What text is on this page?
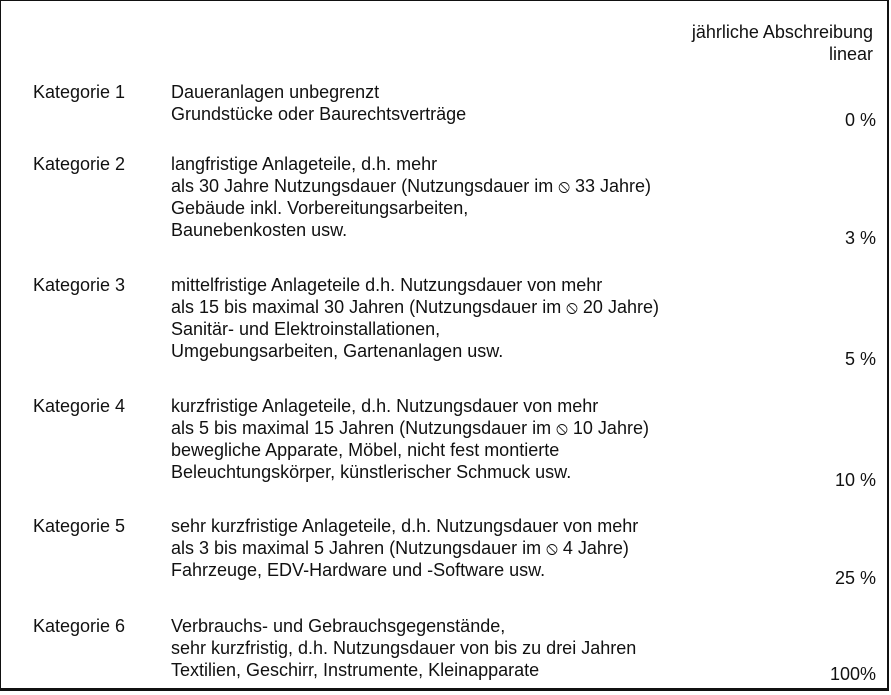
jährliche Abschreibung
linear
Kategorie 1	Daueranlagen unbegrenzt
Grundstücke oder Baurechtsverträge	0 %
Kategorie 2	langfristige Anlageteile, d.h. mehr
als 30 Jahre Nutzungsdauer (Nutzungsdauer im ⦸ 33 Jahre)
Gebäude inkl. Vorbereitungsarbeiten,
Baunebenkosten usw.	3 %
Kategorie 3	mittelfristige Anlageteile d.h. Nutzungsdauer von mehr
als 15 bis maximal 30 Jahren (Nutzungsdauer im ⦸ 20 Jahre)
Sanitär- und Elektroinstallationen,
Umgebungsarbeiten, Gartenanlagen usw.	5 %
Kategorie 4	kurzfristige Anlageteile, d.h. Nutzungsdauer von mehr
als 5 bis maximal 15 Jahren (Nutzungsdauer im ⦸ 10 Jahre)
bewegliche Apparate, Möbel, nicht fest montierte
Beleuchtungskörper, künstlerischer Schmuck usw.	10 %
Kategorie 5	sehr kurzfristige Anlageteile, d.h. Nutzungsdauer von mehr
als 3 bis maximal 5 Jahren (Nutzungsdauer im ⦸ 4 Jahre)
Fahrzeuge, EDV-Hardware und -Software usw.	25 %
Kategorie 6	Verbrauchs- und Gebrauchsgegenstände,
sehr kurzfristig, d.h. Nutzungsdauer von bis zu drei Jahren
Textilien, Geschirr, Instrumente, Kleinapparate	100%
